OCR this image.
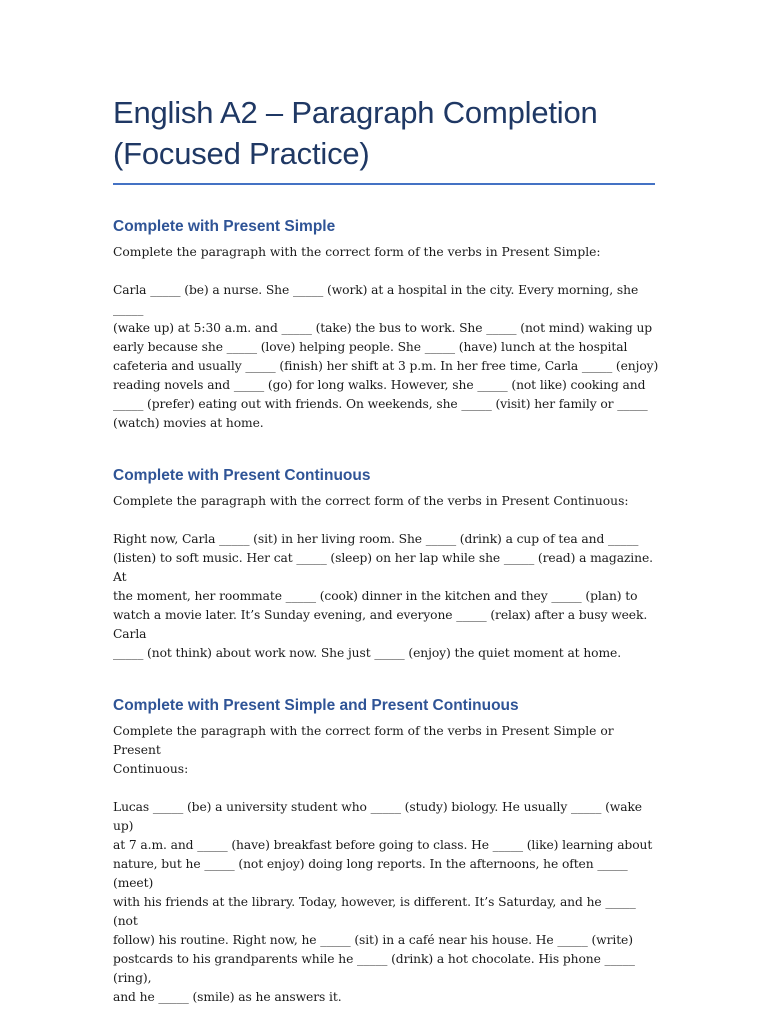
English A2 – Paragraph Completion
(Focused Practice)
Complete with Present Simple

Complete the paragraph with the correct form of the verbs in Present Simple:

Carla _____ (be) a nurse. She _____ (work) at a hospital in the city. Every morning, she _____
(wake up) at 5:30 a.m. and _____ (take) the bus to work. She _____ (not mind) waking up
early because she _____ (love) helping people. She _____ (have) lunch at the hospital
cafeteria and usually _____ (finish) her shift at 3 p.m. In her free time, Carla _____ (enjoy)
reading novels and _____ (go) for long walks. However, she _____ (not like) cooking and
_____ (prefer) eating out with friends. On weekends, she _____ (visit) her family or _____
(watch) movies at home.

Complete with Present Continuous

Complete the paragraph with the correct form of the verbs in Present Continuous:

Right now, Carla _____ (sit) in her living room. She _____ (drink) a cup of tea and _____
(listen) to soft music. Her cat _____ (sleep) on her lap while she _____ (read) a magazine. At
the moment, her roommate _____ (cook) dinner in the kitchen and they _____ (plan) to
watch a movie later. It’s Sunday evening, and everyone _____ (relax) after a busy week. Carla
_____ (not think) about work now. She just _____ (enjoy) the quiet moment at home.

Complete with Present Simple and Present Continuous

Complete the paragraph with the correct form of the verbs in Present Simple or Present
Continuous:

Lucas _____ (be) a university student who _____ (study) biology. He usually _____ (wake up)
at 7 a.m. and _____ (have) breakfast before going to class. He _____ (like) learning about
nature, but he _____ (not enjoy) doing long reports. In the afternoons, he often _____ (meet)
with his friends at the library. Today, however, is different. It’s Saturday, and he _____ (not
follow) his routine. Right now, he _____ (sit) in a café near his house. He _____ (write)
postcards to his grandparents while he _____ (drink) a hot chocolate. His phone _____ (ring),
and he _____ (smile) as he answers it.
